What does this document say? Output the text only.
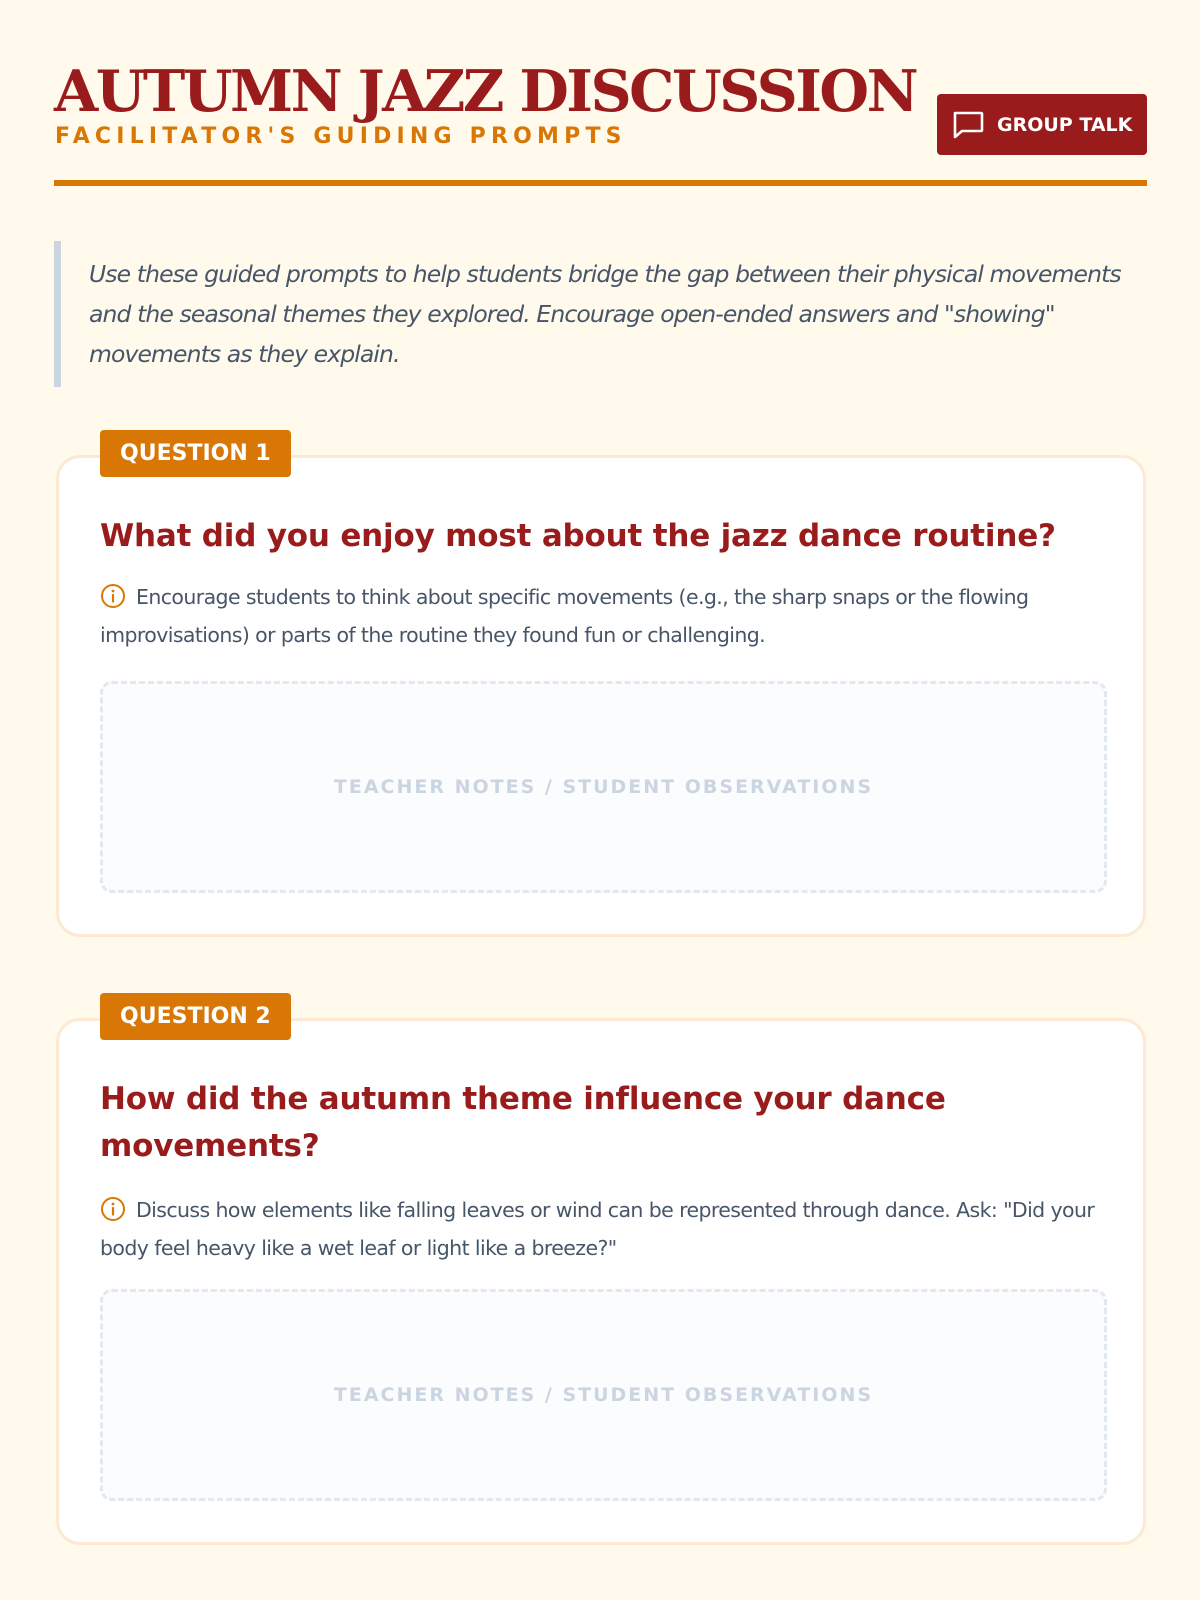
AUTUMN JAZZ DISCUSSION
FACILITATOR'S GUIDING PROMPTS	GROUP TALK

Use these guided prompts to help students bridge the gap between their physical movements and the seasonal themes they explored. Encourage open-ended answers and "showing" movements as they explain.

QUESTION 1
What did you enjoy most about the jazz dance routine?
Encourage students to think about specific movements (e.g., the sharp snaps or the flowing improvisations) or parts of the routine they found fun or challenging.
TEACHER NOTES / STUDENT OBSERVATIONS
QUESTION 2
How did the autumn theme influence your dance movements?
Discuss how elements like falling leaves or wind can be represented through dance. Ask: "Did your body feel heavy like a wet leaf or light like a breeze?"
TEACHER NOTES / STUDENT OBSERVATIONS
